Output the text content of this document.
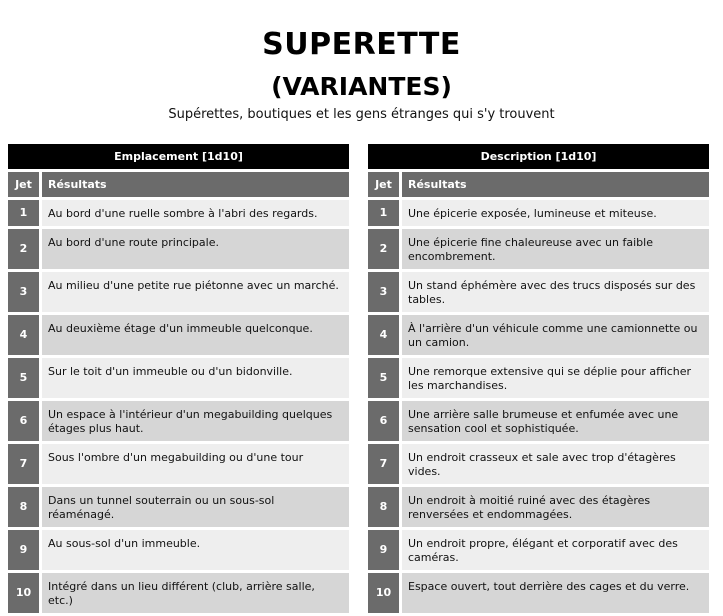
SUPERETTE
(VARIANTES)
Supérettes, boutiques et les gens étranges qui s'y trouvent
Emplacement [1d10]	
Jet	Résultats
1	Au bord d'une ruelle sombre à l'abri des regards.
2	Au bord d'une route principale.
3	Au milieu d'une petite rue piétonne avec un marché.
4	Au deuxième étage d'un immeuble quelconque.
5	Sur le toit d'un immeuble ou d'un bidonville.
6	Un espace à l'intérieur d'un megabuilding quelques étages plus haut.
7	Sous l'ombre d'un megabuilding ou d'une tour
8	Dans un tunnel souterrain ou un sous-sol réaménagé.
9	Au sous-sol d'un immeuble.
10	Intégré dans un lieu différent (club, arrière salle, etc.)
Description [1d10]	
Jet	Résultats
1	Une épicerie exposée, lumineuse et miteuse.
2	Une épicerie fine chaleureuse avec un faible encombrement.
3	Un stand éphémère avec des trucs disposés sur des tables.
4	À l'arrière d'un véhicule comme une camionnette ou un camion.
5	Une remorque extensive qui se déplie pour afficher les marchandises.
6	Une arrière salle brumeuse et enfumée avec une sensation cool et sophistiquée.
7	Un endroit crasseux et sale avec trop d'étagères vides.
8	Un endroit à moitié ruiné avec des étagères renversées et endommagées.
9	Un endroit propre, élégant et corporatif avec des caméras.
10	Espace ouvert, tout derrière des cages et du verre.
